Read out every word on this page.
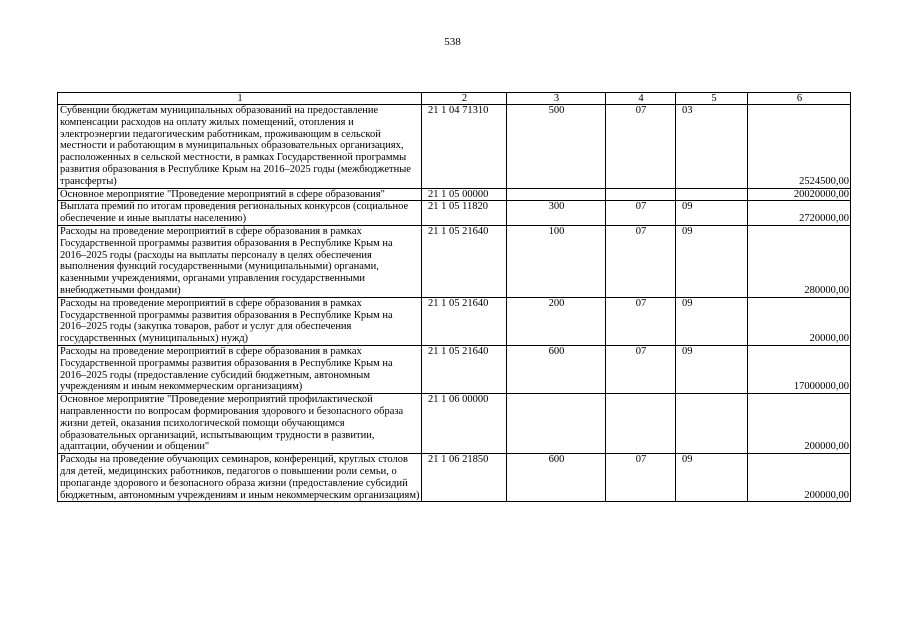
538
1	2	3	4	5	6
Субвенции бюджетам муниципальных образований на предоставление компенсации расходов на оплату жилых помещений, отопления и электроэнергии педагогическим работникам, проживающим в сельской местности и работающим в муниципальных образовательных организациях, расположенных в сельской местности, в рамках Государственной программы развития образования в Республике Крым на 2016–2025 годы (межбюджетные трансферты)	21 1 04 71310	500	07	03	2524500,00
Основное мероприятие "Проведение мероприятий в сфере образования"	21 1 05 00000				20020000,00
Выплата премий по итогам проведения региональных конкурсов (социальное обеспечение и иные выплаты населению)	21 1 05 11820	300	07	09	2720000,00
Расходы на проведение мероприятий в сфере образования в рамках Государственной программы развития образования в Республике Крым на 2016–2025 годы (расходы на выплаты персоналу в целях обеспечения выполнения функций государственными (муниципальными) органами, казенными учреждениями, органами управления государственными внебюджетными фондами)	21 1 05 21640	100	07	09	280000,00
Расходы на проведение мероприятий в сфере образования в рамках Государственной программы развития образования в Республике Крым на 2016–2025 годы (закупка товаров, работ и услуг для обеспечения государственных (муниципальных) нужд)	21 1 05 21640	200	07	09	20000,00
Расходы на проведение мероприятий в сфере образования в рамках Государственной программы развития образования в Республике Крым на 2016–2025 годы (предоставление субсидий бюджетным, автономным учреждениям и иным некоммерческим организациям)	21 1 05 21640	600	07	09	17000000,00
Основное мероприятие "Проведение мероприятий профилактической направленности по вопросам формирования здорового и безопасного образа жизни детей, оказания психологической помощи обучающимся образовательных организаций, испытывающим трудности в развитии, адаптации, обучении и общении"	21 1 06 00000				200000,00
Расходы на проведение обучающих семинаров, конференций, круглых столов для детей, медицинских работников, педагогов о повышении роли семьи, о пропаганде здорового и безопасного образа жизни (предоставление субсидий бюджетным, автономным учреждениям и иным некоммерческим организациям)	21 1 06 21850	600	07	09	200000,00
